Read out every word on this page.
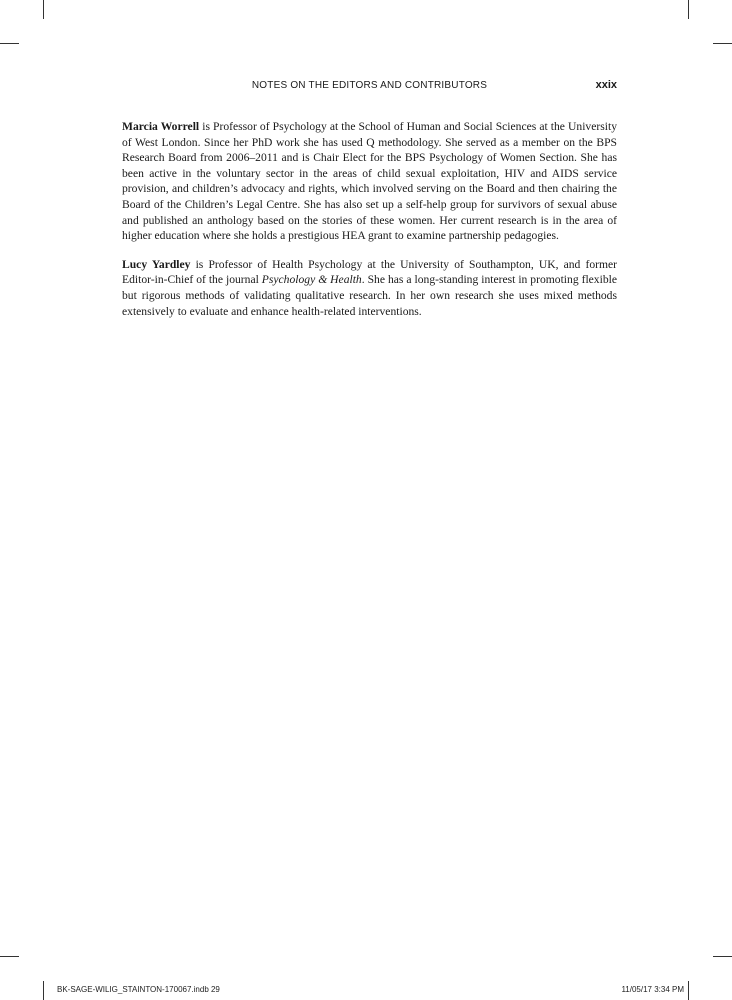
NOTES ON THE EDITORS AND CONTRIBUTORS	xxix

Marcia Worrell is Professor of Psychology at the School of Human and Social Sciences at the University of West London. Since her PhD work she has used Q methodology. She served as a member on the BPS Research Board from 2006–2011 and is Chair Elect for the BPS Psychology of Women Section. She has been active in the voluntary sector in the areas of child sexual exploitation, HIV and AIDS service provision, and children’s advocacy and rights, which involved serving on the Board and then chairing the Board of the Children’s Legal Centre. She has also set up a self-help group for survivors of sexual abuse and published an anthology based on the stories of these women. Her current research is in the area of higher education where she holds a prestigious HEA grant to examine partnership pedagogies.

Lucy Yardley is Professor of Health Psychology at the University of Southampton, UK, and former Editor-in-Chief of the journal Psychology & Health. She has a long-standing interest in promoting flexible but rigorous methods of validating qualitative research. In her own research she uses mixed methods extensively to evaluate and enhance health-related interventions.

BK-SAGE-WILIG_STAINTON-170067.indb 29	11/05/17 3:34 PM
